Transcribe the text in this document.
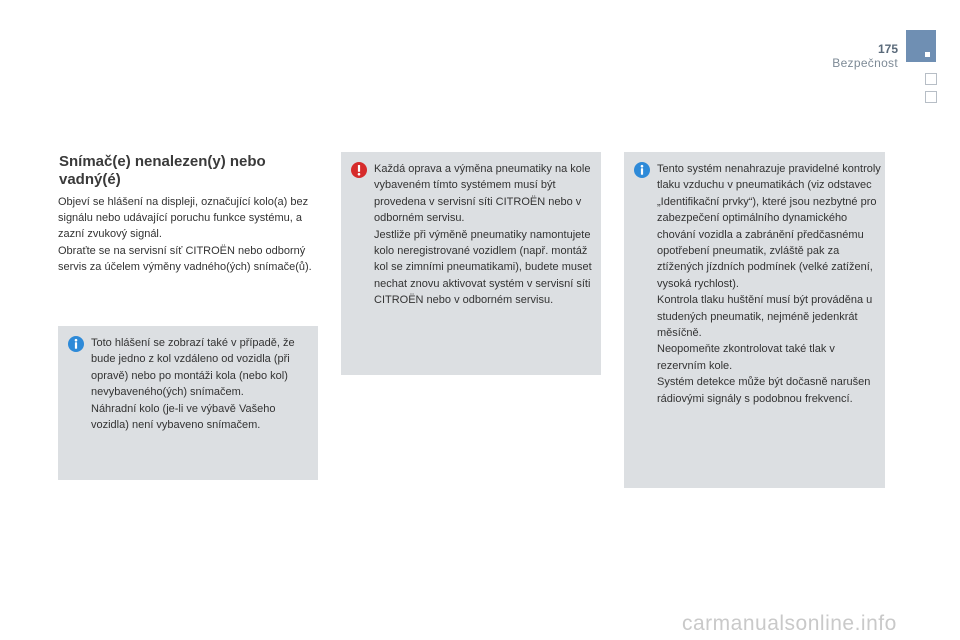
175
Bezpečnost
Snímač(e) nenalezen(y) nebo vadný(é)

Objeví se hlášení na displeji, označující kolo(a) bez signálu nebo udávající poruchu funkce systému, a zazní zvukový signál.

Obraťte se na servisní síť CITROËN nebo odborný servis za účelem výměny vadného(ých) snímače(ů).

Toto hlášení se zobrazí také v případě, že bude jedno z kol vzdáleno od vozidla (při opravě) nebo po montáži kola (nebo kol) nevybaveného(ých) snímačem.

Náhradní kolo (je-li ve výbavě Vašeho vozidla) není vybaveno snímačem.

Každá oprava a výměna pneumatiky na kole vybaveném tímto systémem musí být provedena v servisní síti CITROËN nebo v odborném servisu.

Jestliže při výměně pneumatiky namontujete kolo neregistrované vozidlem (např. montáž kol se zimními pneumatikami), budete muset nechat znovu aktivovat systém v servisní síti CITROËN nebo v odborném servisu.

Tento systém nenahrazuje pravidelné kontroly tlaku vzduchu v pneumatikách (viz odstavec „Identifikační prvky“), které jsou nezbytné pro zabezpečení optimálního dynamického chování vozidla a zabránění předčasnému opotřebení pneumatik, zvláště pak za ztížených jízdních podmínek (velké zatížení, vysoká rychlost).

Kontrola tlaku huštění musí být prováděna u studených pneumatik, nejméně jedenkrát měsíčně.

Neopomeňte zkontrolovat také tlak v rezervním kole.

Systém detekce může být dočasně narušen rádiovými signály s podobnou frekvencí.

carmanualsonline.info
